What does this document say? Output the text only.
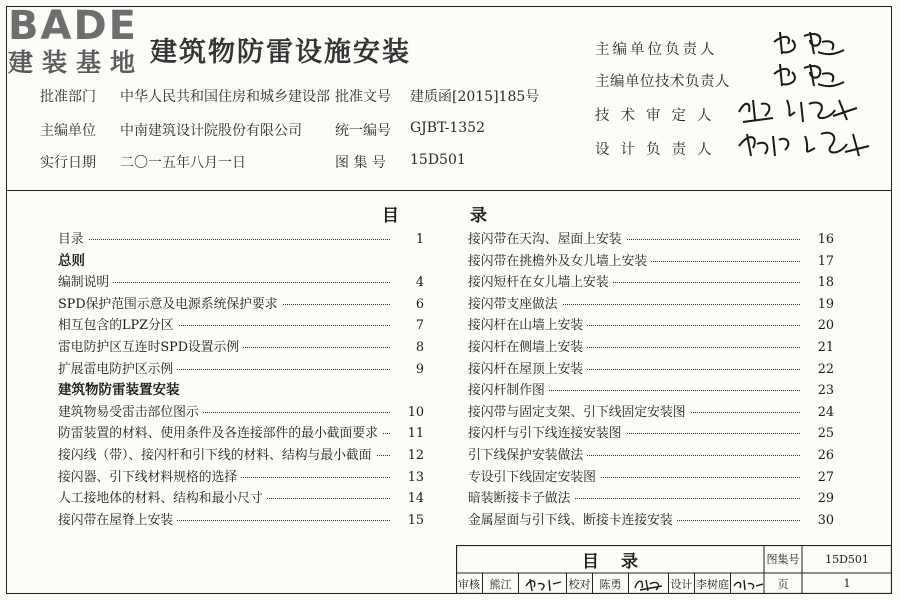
BADE
建装基地 建筑物防雷设施安装
批准部门 中华人民共和国住房和城乡建设部 批准文号 建质函[2015]185号
主编单位 中南建筑设计院股份有限公司 统一编号 GJBT-1352
实行日期 二〇一五年八月一日	图 集 号 15D501
主编单位负责人
主编单位技术负责人
技术审定人
设计负责人
目	录
目录	1
总则
编制说明	4
SPD保护范围示意及电源系统保护要求	6
相互包含的LPZ分区	7
雷电防护区互连时SPD设置示例	8
扩展雷电防护区示例	9
建筑物防雷装置安装
建筑物易受雷击部位图示	10
防雷装置的材料、使用条件及各连接部件的最小截面要求	11
接闪线（带）、接闪杆和引下线的材料、结构与最小截面	12
接闪器、引下线材料规格的选择	13
人工接地体的材料、结构和最小尺寸	14
接闪带在屋脊上安装	15
接闪带在天沟、屋面上安装	16
接闪带在挑檐外及女儿墙上安装	17
接闪短杆在女儿墙上安装	18
接闪带支座做法	19
接闪杆在山墙上安装	20
接闪杆在侧墙上安装	21
接闪杆在屋顶上安装	22
接闪杆制作图	23
接闪带与固定支架、引下线固定安装图	24
接闪杆与引下线连接安装图	25
引下线保护安装做法	26
专设引下线固定安装图	27
暗装断接卡子做法	29
金属屋面与引下线、断接卡连接安装	30
目录	图集号	15D501
审核 熊江	校对 陈勇	设计 李树庭	页	1
